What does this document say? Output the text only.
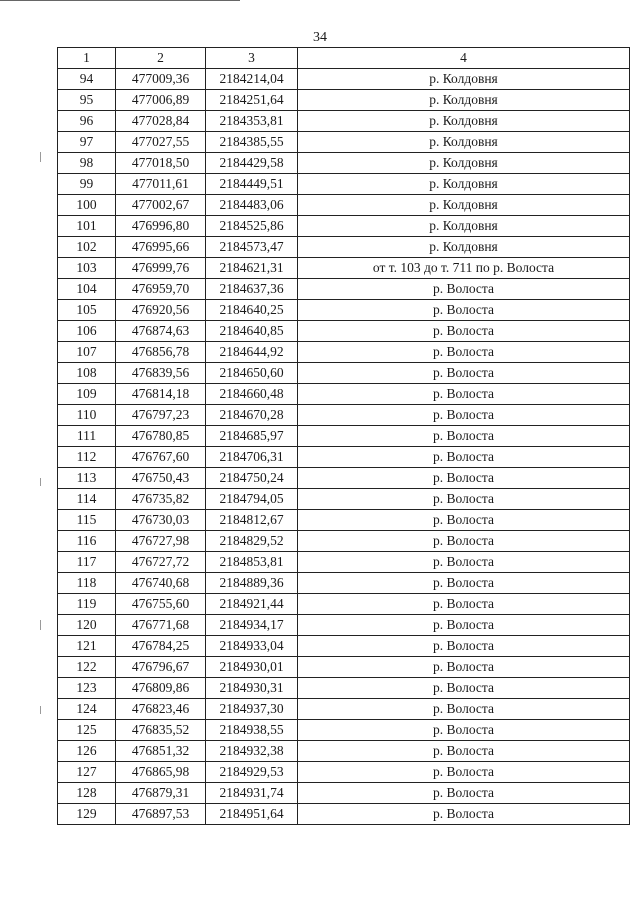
34
1	2	3	4
94	477009,36	2184214,04	р. Колдовня
95	477006,89	2184251,64	р. Колдовня
96	477028,84	2184353,81	р. Колдовня
97	477027,55	2184385,55	р. Колдовня
98	477018,50	2184429,58	р. Колдовня
99	477011,61	2184449,51	р. Колдовня
100	477002,67	2184483,06	р. Колдовня
101	476996,80	2184525,86	р. Колдовня
102	476995,66	2184573,47	р. Колдовня
103	476999,76	2184621,31	от т. 103 до т. 711 по р. Волоста
104	476959,70	2184637,36	р. Волоста
105	476920,56	2184640,25	р. Волоста
106	476874,63	2184640,85	р. Волоста
107	476856,78	2184644,92	р. Волоста
108	476839,56	2184650,60	р. Волоста
109	476814,18	2184660,48	р. Волоста
110	476797,23	2184670,28	р. Волоста
111	476780,85	2184685,97	р. Волоста
112	476767,60	2184706,31	р. Волоста
113	476750,43	2184750,24	р. Волоста
114	476735,82	2184794,05	р. Волоста
115	476730,03	2184812,67	р. Волоста
116	476727,98	2184829,52	р. Волоста
117	476727,72	2184853,81	р. Волоста
118	476740,68	2184889,36	р. Волоста
119	476755,60	2184921,44	р. Волоста
120	476771,68	2184934,17	р. Волоста
121	476784,25	2184933,04	р. Волоста
122	476796,67	2184930,01	р. Волоста
123	476809,86	2184930,31	р. Волоста
124	476823,46	2184937,30	р. Волоста
125	476835,52	2184938,55	р. Волоста
126	476851,32	2184932,38	р. Волоста
127	476865,98	2184929,53	р. Волоста
128	476879,31	2184931,74	р. Волоста
129	476897,53	2184951,64	р. Волоста
